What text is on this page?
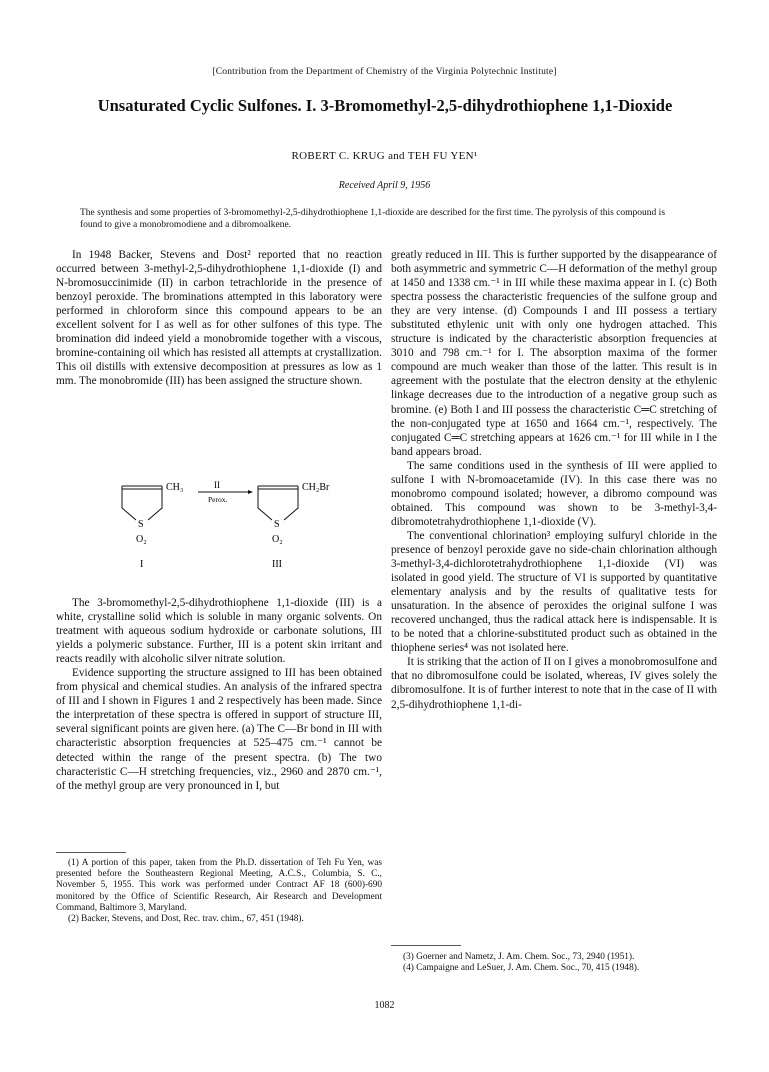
[Contribution from the Department of Chemistry of the Virginia Polytechnic Institute]
Unsaturated Cyclic Sulfones. I. 3-Bromomethyl-2,5-dihydrothiophene 1,1-Dioxide
ROBERT C. KRUG and TEH FU YEN¹
Received April 9, 1956
The synthesis and some properties of 3-bromomethyl-2,5-dihydrothiophene 1,1-dioxide are described for the first time. The pyrolysis of this compound is found to give a monobromodiene and a dibromoalkene.

In 1948 Backer, Stevens and Dost² reported that no reaction occurred between 3-methyl-2,5-dihydrothiophene 1,1-dioxide (I) and N-bromosuccinimide (II) in carbon tetrachloride in the presence of benzoyl peroxide. The brominations attempted in this laboratory were performed in chloroform since this compound appears to be an excellent solvent for I as well as for other sulfones of this type. The bromination did indeed yield a monobromide together with a viscous, bromine-containing oil which has resisted all attempts at crystallization. This oil distills with extensive decomposition at pressures as low as 1 mm. The monobromide (III) has been assigned the structure shown.

CH₃
S
O₂
I
II
Perox.
CH₂Br
S
O₂
III

The 3-bromomethyl-2,5-dihydrothiophene 1,1-dioxide (III) is a white, crystalline solid which is soluble in many organic solvents. On treatment with aqueous sodium hydroxide or carbonate solutions, III yields a polymeric substance. Further, III is a potent skin irritant and reacts readily with alcoholic silver nitrate solution.

Evidence supporting the structure assigned to III has been obtained from physical and chemical studies. An analysis of the infrared spectra of III and I shown in Figures 1 and 2 respectively has been made. Since the interpretation of these spectra is offered in support of structure III, several significant points are given here. (a) The C—Br bond in III with characteristic absorption frequencies at 525–475 cm.⁻¹ cannot be detected within the range of the present spectra. (b) The two characteristic C—H stretching frequencies, viz., 2960 and 2870 cm.⁻¹, of the methyl group are very pronounced in I, but

(1) A portion of this paper, taken from the Ph.D. dissertation of Teh Fu Yen, was presented before the Southeastern Regional Meeting, A.C.S., Columbia, S. C., November 5, 1955. This work was performed under Contract AF 18 (600)-690 monitored by the Office of Scientific Research, Air Research and Development Command, Baltimore 3, Maryland.

(2) Backer, Stevens, and Dost, Rec. trav. chim., 67, 451 (1948).

greatly reduced in III. This is further supported by the disappearance of both asymmetric and symmetric C—H deformation of the methyl group at 1450 and 1338 cm.⁻¹ in III while these maxima appear in I. (c) Both spectra possess the characteristic frequencies of the sulfone group and they are very intense. (d) Compounds I and III possess a tertiary substituted ethylenic unit with only one hydrogen attached. This structure is indicated by the characteristic absorption frequencies at 3010 and 798 cm.⁻¹ for I. The absorption maxima of the former compound are much weaker than those of the latter. This result is in agreement with the postulate that the electron density at the ethylenic linkage decreases due to the introduction of a negative group such as bromine. (e) Both I and III possess the characteristic C═C stretching of the non-conjugated type at 1650 and 1664 cm.⁻¹, respectively. The conjugated C═C stretching appears at 1626 cm.⁻¹ for III while in I the band appears broad.

The same conditions used in the synthesis of III were applied to sulfone I with N-bromoacetamide (IV). In this case there was no monobromo compound isolated; however, a dibromo compound was obtained. This compound was shown to be 3-methyl-3,4-dibromotetrahydrothiophene 1,1-dioxide (V).

The conventional chlorination³ employing sulfuryl chloride in the presence of benzoyl peroxide gave no side-chain chlorination although 3-methyl-3,4-dichlorotetrahydrothiophene 1,1-dioxide (VI) was isolated in good yield. The structure of VI is supported by quantitative elementary analysis and by the results of qualitative tests for unsaturation. In the absence of peroxides the original sulfone I was recovered unchanged, thus the radical attack here is indispensable. It is to be noted that a chlorine-substituted product such as obtained in the thiophene series⁴ was not isolated here.

It is striking that the action of II on I gives a monobromosulfone and that no dibromosulfone could be isolated, whereas, IV gives solely the dibromosulfone. It is of further interest to note that in the case of II with 2,5-dihydrothiophene 1,1-di-

(3) Goerner and Nametz, J. Am. Chem. Soc., 73, 2940 (1951).

(4) Campaigne and LeSuer, J. Am. Chem. Soc., 70, 415 (1948).

1082
